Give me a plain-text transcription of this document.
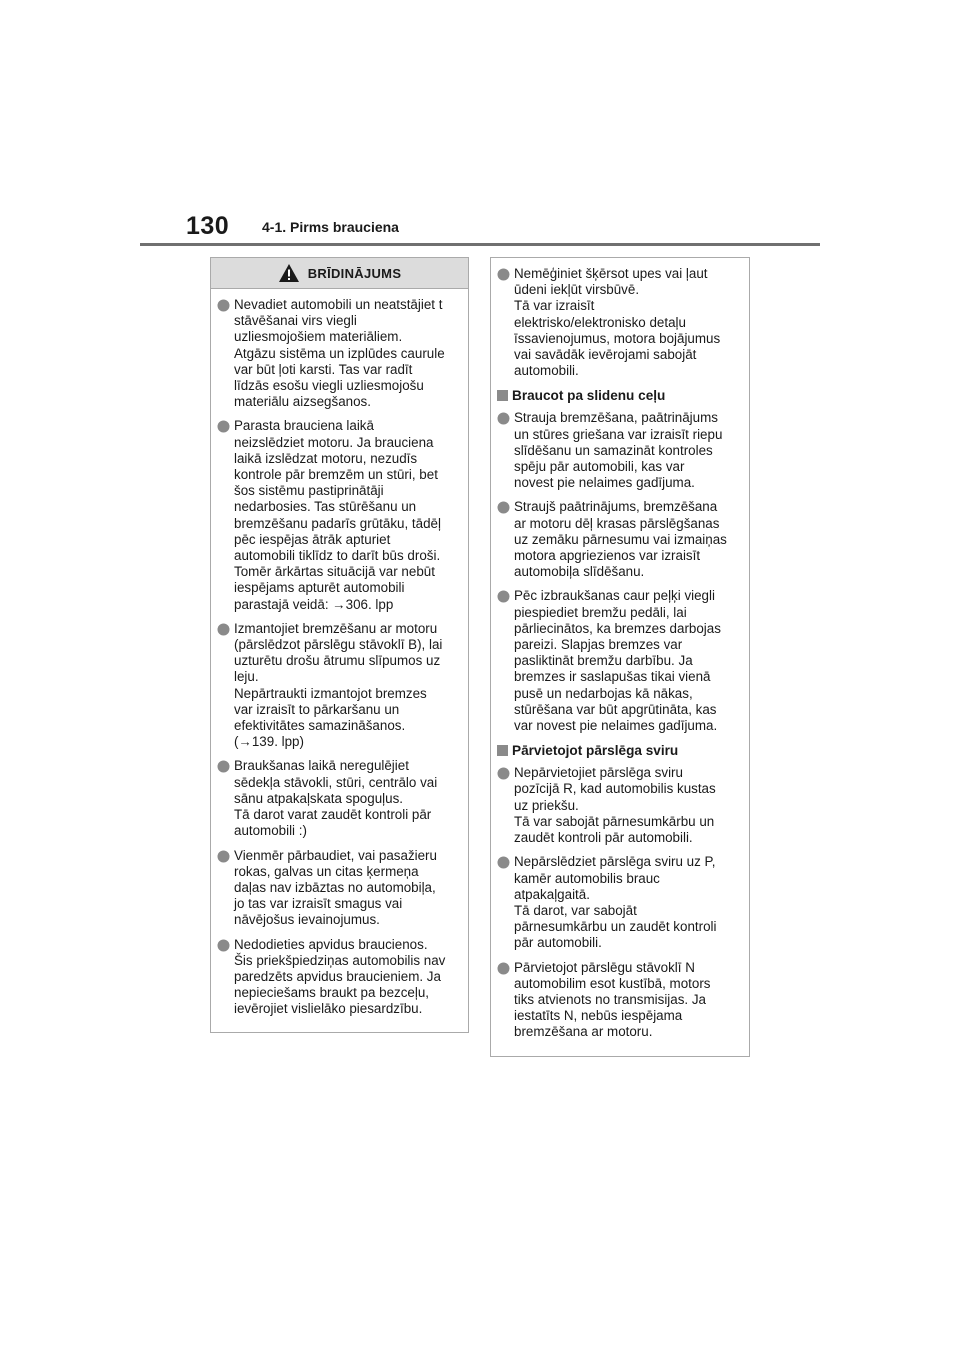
130 4-1. Pirms brauciena
BRĪDINĀJUMS
Nevadiet automobili un neatstājiet t
stāvēšanai virs viegli
uzliesmojošiem materiāliem.
Atgāzu sistēma un izplūdes caurule
var būt ļoti karsti. Tas var radīt
līdzās esošu viegli uzliesmojošu
materiālu aizsegšanos.
Parasta brauciena laikā
neizslēdziet motoru. Ja brauciena
laikā izslēdzat motoru, nezudīs
kontrole pār bremzēm un stūri, bet
šos sistēmu pastiprinātāji
nedarbosies. Tas stūrēšanu un
bremzēšanu padarīs grūtāku, tādēļ
pēc iespējas ātrāk apturiet
automobili tiklīdz to darīt būs droši.
Tomēr ārkārtas situācijā var nebūt
iespējams apturēt automobili
parastajā veidā: →306. lpp
Izmantojiet bremzēšanu ar motoru
(pārslēdzot pārslēgu stāvoklī B), lai
uzturētu drošu ātrumu slīpumos uz
leju.
Nepārtraukti izmantojot bremzes
var izraisīt to pārkaršanu un
efektivitātes samazināšanos.
(→139. lpp)
Braukšanas laikā neregulējiet
sēdekļa stāvokli, stūri, centrālo vai
sānu atpakaļskata spoguļus.
Tā darot varat zaudēt kontroli pār
automobili :)
Vienmēr pārbaudiet, vai pasažieru
rokas, galvas un citas ķermeņa
daļas nav izbāztas no automobiļa,
jo tas var izraisīt smagus vai
nāvējošus ievainojumus.
Nedodieties apvidus braucienos.
Šis priekšpiedziņas automobilis nav
paredzēts apvidus braucieniem. Ja
nepieciešams braukt pa bezceļu,
ievērojiet vislielāko piesardzību.
Nemēģiniet šķērsot upes vai ļaut
ūdeni iekļūt virsbūvē.
Tā var izraisīt
elektrisko/elektronisko detaļu
īssavienojumus, motora bojājumus
vai savādāk ievērojami sabojāt
automobili.
Braucot pa slidenu ceļu
Strauja bremzēšana, paātrinājums
un stūres griešana var izraisīt riepu
slīdēšanu un samazināt kontroles
spēju pār automobili, kas var
novest pie nelaimes gadījuma.
Straujš paātrinājums, bremzēšana
ar motoru dēļ krasas pārslēgšanas
uz zemāku pārnesumu vai izmaiņas
motora apgriezienos var izraisīt
automobiļa slīdēšanu.
Pēc izbraukšanas caur peļķi viegli
piespiediet bremžu pedāli, lai
pārliecinātos, ka bremzes darbojas
pareizi. Slapjas bremzes var
pasliktināt bremžu darbību. Ja
bremzes ir saslapušas tikai vienā
pusē un nedarbojas kā nākas,
stūrēšana var būt apgrūtināta, kas
var novest pie nelaimes gadījuma.
Pārvietojot pārslēga sviru
Nepārvietojiet pārslēga sviru
pozīcijā R, kad automobilis kustas
uz priekšu.
Tā var sabojāt pārnesumkārbu un
zaudēt kontroli pār automobili.
Nepārslēdziet pārslēga sviru uz P,
kamēr automobilis brauc
atpakaļgaitā.
Tā darot, var sabojāt
pārnesumkārbu un zaudēt kontroli
pār automobili.
Pārvietojot pārslēgu stāvoklī N
automobilim esot kustībā, motors
tiks atvienots no transmisijas. Ja
iestatīts N, nebūs iespējama
bremzēšana ar motoru.
